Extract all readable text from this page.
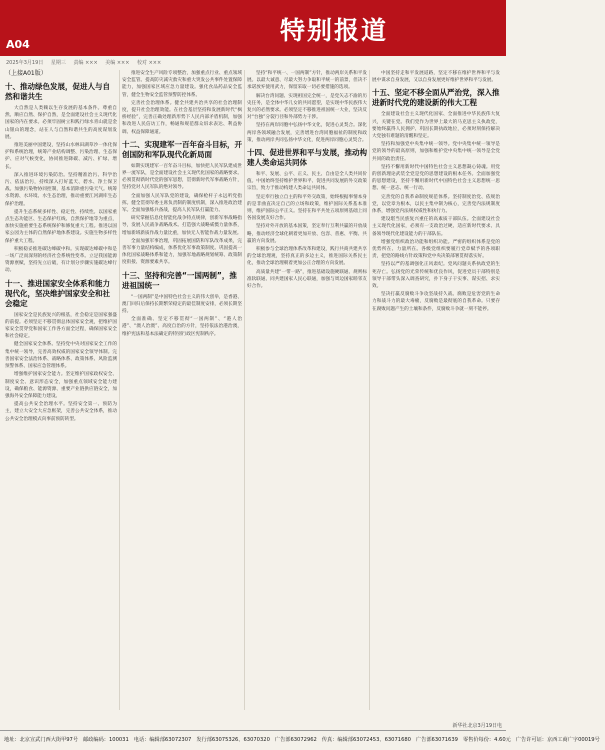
特别报道
A04
2025年3月19日 星期三 责编 ××× 美编 ××× 校对 ×××
（上接A01版）
十、推动绿色发展，促进人与自然和谐共生
大自然是人类赖以生存发展的基本条件。尊重自然、顺应自然、保护自然，是全面建设社会主义现代化国家的内在要求。必须牢固树立和践行绿水青山就是金山银山的理念，站在人与自然和谐共生的高度谋划发展。
推进美丽中国建设，坚持山水林田湖草沙一体化保护和系统治理，统筹产业结构调整、污染治理、生态保护、应对气候变化，协同推进降碳、减污、扩绿、增长。
深入推进环境污染防治。坚持精准治污、科学治污、依法治污，持续深入打好蓝天、碧水、净土保卫战。加强污染物协同控制，基本消除重污染天气。统筹水资源、水环境、水生态治理，推动重要江河湖库生态保护治理。
提升生态系统多样性、稳定性、持续性。以国家重点生态功能区、生态保护红线、自然保护地等为重点，加快实施重要生态系统保护和修复重大工程。推进以国家公园为主体的自然保护地体系建设。实施生物多样性保护重大工程。
积极稳妥推进碳达峰碳中和。实现碳达峰碳中和是一场广泛而深刻的经济社会系统性变革。立足我国能源资源禀赋，坚持先立后破，有计划分步骤实施碳达峰行动。
十一、推进国家安全体系和能力现代化，坚决维护国家安全和社会稳定
国家安全是民族复兴的根基，社会稳定是国家强盛的前提。必须坚定不移贯彻总体国家安全观，把维护国家安全贯穿党和国家工作各方面全过程，确保国家安全和社会稳定。
健全国家安全体系。坚持党中央对国家安全工作的集中统一领导，完善高效权威的国家安全领导体制。完善国家安全法治体系、战略体系、政策体系、风险监测预警体系、国家应急管理体系。
增强维护国家安全能力。坚定维护国家政权安全、制度安全、意识形态安全，加强重点领域安全能力建设，确保粮食、能源资源、重要产业链供应链安全，加强海外安全保障能力建设。
提高公共安全治理水平。坚持安全第一、预防为主，建立大安全大应急框架，完善公共安全体系，推动公共安全治理模式向事前预防转型。
推进安全生产风险专项整治，加强重点行业、重点领域安全监管。提高防灾减灾救灾和重大突发公共事件处置保障能力，加强国家区域应急力量建设。强化食品药品安全监管，健全生物安全监管预警防控体系。
完善社会治理体系。健全共建共治共享的社会治理制度，提升社会治理效能。在社会基层坚持和发展新时代“枫桥经验”，完善正确处理新形势下人民内部矛盾机制，加强和改进人民信访工作，畅通和规范群众诉求表达、利益协调、权益保障通道。
十二、实现建军一百年奋斗目标，开创国防和军队现代化新局面
如期实现建军一百年奋斗目标，加快把人民军队建成世界一流军队，是全面建设社会主义现代化国家的战略要求。必须贯彻新时代党的强军思想，贯彻新时代军事战略方针，坚持党对人民军队的绝对领导。
全面加强人民军队党的建设，确保枪杆子永远听党指挥。健全贯彻军委主席负责制的制度机制，深入推进政治建军。全面加强练兵备战，提高人民军队打赢能力。
研究掌握信息化智能化战争特点规律，创新军事战略指导，发展人民战争战略战术。打造强大战略威慑力量体系，增加新域新质作战力量比重，加快无人智能作战力量发展。
全面加强军事治理，巩固拓展国防和军队改革成果，完善军事力量结构编成，体系优化军事政策制度。巩固提高一体化国家战略体系和能力，加强军地战略规划统筹、政策制度衔接、资源要素共享。
十三、坚持和完善“一国两制”，推进祖国统一
“一国两制”是中国特色社会主义的伟大创举，是香港、澳门回归后保持长期繁荣稳定的最佳制度安排，必须长期坚持。
全面准确、坚定不移贯彻“一国两制”、“港人治港”、“澳人治澳”、高度自治的方针，坚持依法治港治澳，维护宪法和基本法确定的特别行政区宪制秩序。
坚持“和平统一、一国两制”方针，推动两岸关系和平发展。以最大诚意、尽最大努力争取和平统一的前景，但决不承诺放弃使用武力，保留采取一切必要措施的选项。
解决台湾问题、实现祖国完全统一，是党矢志不渝的历史任务，是全体中华儿女的共同愿望，是实现中华民族伟大复兴的必然要求。必须坚定不移推进祖国统一大业，坚决反对“台独”分裂行径和外部势力干涉。
坚持在两岸同胞中弘扬中华文化，促进心灵契合。深化两岸各领域融合发展，完善增进台湾同胞福祉的制度和政策，推动两岸共同弘扬中华文化，促进两岸同胞心灵契合。
十四、促进世界和平与发展，推动构建人类命运共同体
和平、发展、公平、正义、民主、自由是全人类共同价值。中国始终坚持维护世界和平、促进共同发展的外交政策宗旨，致力于推动构建人类命运共同体。
坚定奉行独立自主的和平外交政策，始终根据事情本身的是非曲直决定自己的立场和政策，维护国际关系基本准则，维护国际公平正义。坚持在和平共处五项原则基础上同各国发展友好合作。
坚持对外开放的基本国策，坚定奉行互利共赢的开放战略，推动经济全球化朝着更加开放、包容、普惠、平衡、共赢的方向发展。
积极参与全球治理体系改革和建设，践行共商共建共享的全球治理观，坚持真正的多边主义，推进国际关系民主化，推动全球治理朝着更加公正合理的方向发展。
高质量共建“一带一路”，推进基础设施硬联通、规则标准软联通、同共建国家人民心联通，加强与周边国家睦邻友好合作。
中国坚持走和平发展道路，坚定不移在维护世界和平与发展中谋求自身发展，又以自身发展更好维护世界和平与发展。
十五、坚定不移全面从严治党，深入推进新时代党的建设新的伟大工程
全面建设社会主义现代化国家、全面推进中华民族伟大复兴，关键在党。我们党作为世界上最大的马克思主义执政党，要始终赢得人民拥护、巩固长期执政地位，必须时刻保持解决大党独有难题的清醒和坚定。
坚持和加强党中央集中统一领导。党中央集中统一领导是党的领导的最高原则，加强和维护党中央集中统一领导是全党共同的政治责任。
坚持不懈用新时代中国特色社会主义思想凝心铸魂。用党的创新理论武装全党是党的思想建设的根本任务。全面加强党的思想建设，坚持不懈用新时代中国特色社会主义思想统一思想、统一意志、统一行动。
完善党的自我革命制度规范体系。坚持制度治党、依规治党，以党章为根本，以民主集中制为核心，完善党内法规制度体系，增强党内法规权威性和执行力。
建设堪当民族复兴重任的高素质干部队伍。全面建设社会主义现代化国家，必须有一支政治过硬、适应新时代要求、具备领导现代化建设能力的干部队伍。
增强党组织政治功能和组织功能。严密的组织体系是党的优势所在、力量所在。各级党组织要履行党章赋予的各项职责，把党的路线方针政策和党中央决策部署贯彻落实好。
坚持以严的基调强化正风肃纪。党风问题关系执政党的生死存亡。弘扬党的光荣传统和优良作风，促进党员干部特别是领导干部带头深入调查研究，扑下身子干实事、谋实招、求实效。
坚决打赢反腐败斗争攻坚战持久战。腐败是危害党的生命力和战斗力的最大毒瘤，反腐败是最彻底的自我革命。只要存在腐败问题产生的土壤和条件，反腐败斗争就一刻不能停。
新华社北京3月19日电
地址：北京宣武门西大街甲97号 邮政编码：100031 电话：编辑部63072307 发行部63075326、63070320 广告部63072962 传真：编辑部63072453、63071680 广告部63071639 零售价每份：4.60元 广告许可证：京西工商广字00019号
